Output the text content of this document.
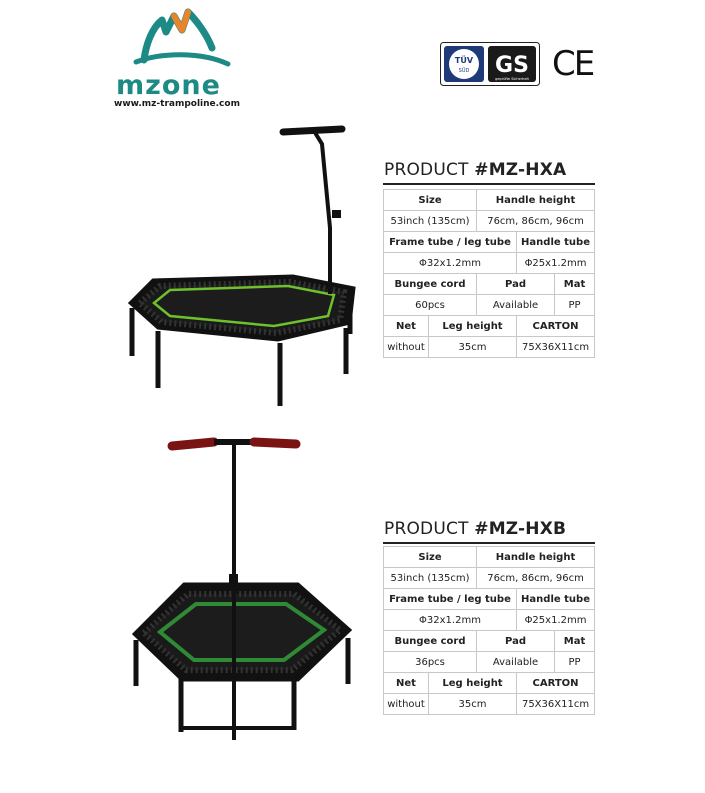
mzone
www.mz-trampoline.com
TÜV
SÜD GS
geprüfte Sicherheit CE
PRODUCT #MZ-HXA
Size		Handle height		
53inch (135cm)		76cm, 86cm, 96cm		
Frame tube / leg tube			Handle tube	
Φ32x1.2mm			Φ25x1.2mm	
Bungee cord		Pad		Mat
60pcs		Available		PP
Net	Leg height		CARTON	
without	35cm		75X36X11cm	
PRODUCT #MZ-HXB
Size		Handle height		
53inch (135cm)		76cm, 86cm, 96cm		
Frame tube / leg tube			Handle tube	
Φ32x1.2mm			Φ25x1.2mm	
Bungee cord		Pad		Mat
36pcs		Available		PP
Net	Leg height		CARTON	
without	35cm		75X36X11cm	
